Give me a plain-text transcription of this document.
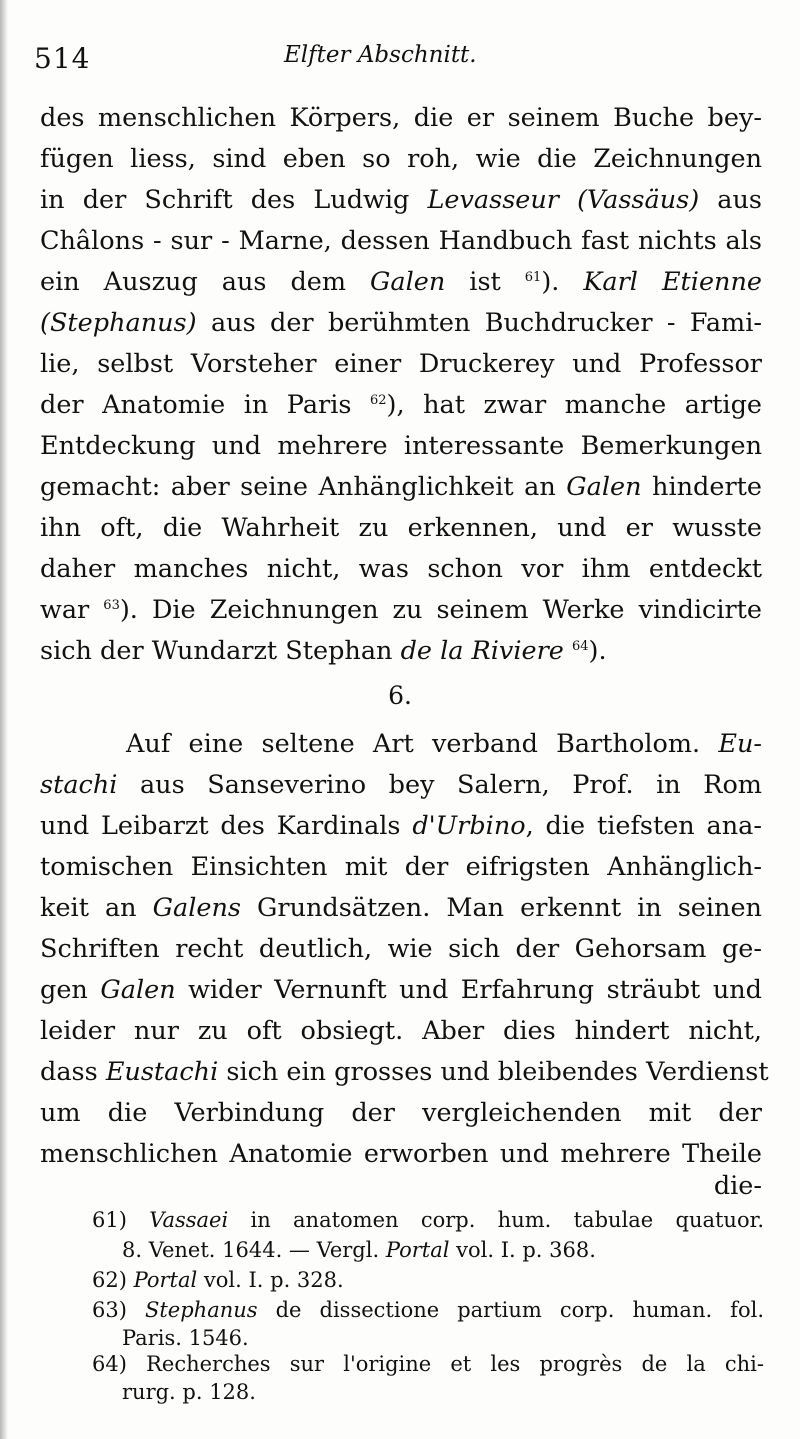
514	Elfter Abschnitt.
des menschlichen Körpers, die er seinem Buche bey-
fügen liess, sind eben so roh, wie die Zeichnungen
in der Schrift des Ludwig Levasseur (Vassäus) aus
Châlons - sur - Marne, dessen Handbuch fast nichts als
ein Auszug aus dem Galen ist $^{61}$). Karl Etienne
(Stephanus) aus der berühmten Buchdrucker - Fami-
lie, selbst Vorsteher einer Druckerey und Professor
der Anatomie in Paris $^{62}$), hat zwar manche artige
Entdeckung und mehrere interessante Bemerkungen
gemacht: aber seine Anhänglichkeit an Galen hinderte
ihn oft, die Wahrheit zu erkennen, und er wusste
daher manches nicht, was schon vor ihm entdeckt
war $^{63}$). Die Zeichnungen zu seinem Werke vindicirte
sich der Wundarzt Stephan de la Riviere $^{64}$).
6.
Auf eine seltene Art verband Bartholom. Eu-
stachi aus Sanseverino bey Salern, Prof. in Rom
und Leibarzt des Kardinals d'Urbino, die tiefsten ana-
tomischen Einsichten mit der eifrigsten Anhänglich-
keit an Galens Grundsätzen. Man erkennt in seinen
Schriften recht deutlich, wie sich der Gehorsam ge-
gen Galen wider Vernunft und Erfahrung sträubt und
leider nur zu oft obsiegt. Aber dies hindert nicht,
dass Eustachi sich ein grosses und bleibendes Verdienst
um die Verbindung der vergleichenden mit der
menschlichen Anatomie erworben und mehrere Theile
die-
61) Vassaei in anatomen corp. hum. tabulae quatuor.
8. Venet. 1644. — Vergl. Portal vol. I. p. 368.
62) Portal vol. I. p. 328.
63) Stephanus de dissectione partium corp. human. fol.
Paris. 1546.
64) Recherches sur l'origine et les progrès de la chi-
rurg. p. 128.
